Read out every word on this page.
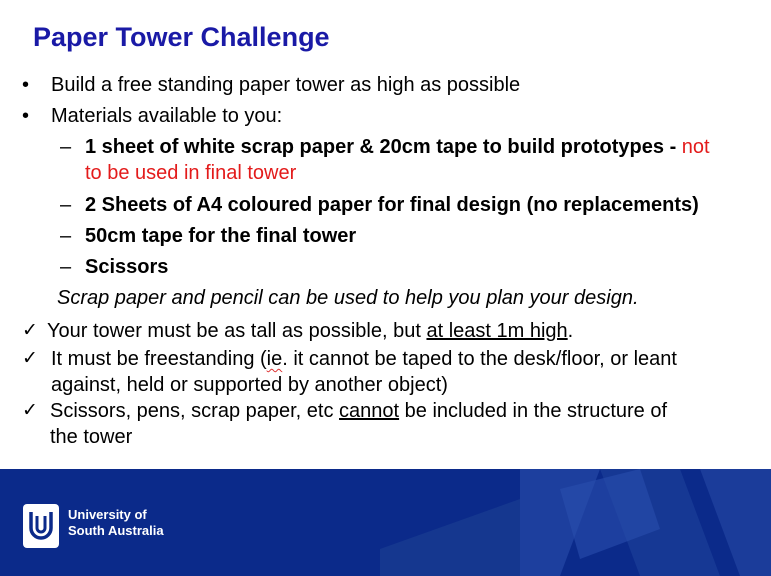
Paper Tower Challenge
• Build a free standing paper tower as high as possible
• Materials available to you:
– 1 sheet of white scrap paper & 20cm tape to build prototypes - not
to be used in final tower
– 2 Sheets of A4 coloured paper for final design (no replacements)
– 50cm tape for the final tower
– Scissors
Scrap paper and pencil can be used to help you plan your design.
✓ Your tower must be as tall as possible, but at least 1m high.
✓ It must be freestanding (ie. it cannot be taped to the desk/floor, or leant
against, held or supported by another object)
✓ Scissors, pens, scrap paper, etc cannot be included in the structure of
the tower
University of
South Australia
